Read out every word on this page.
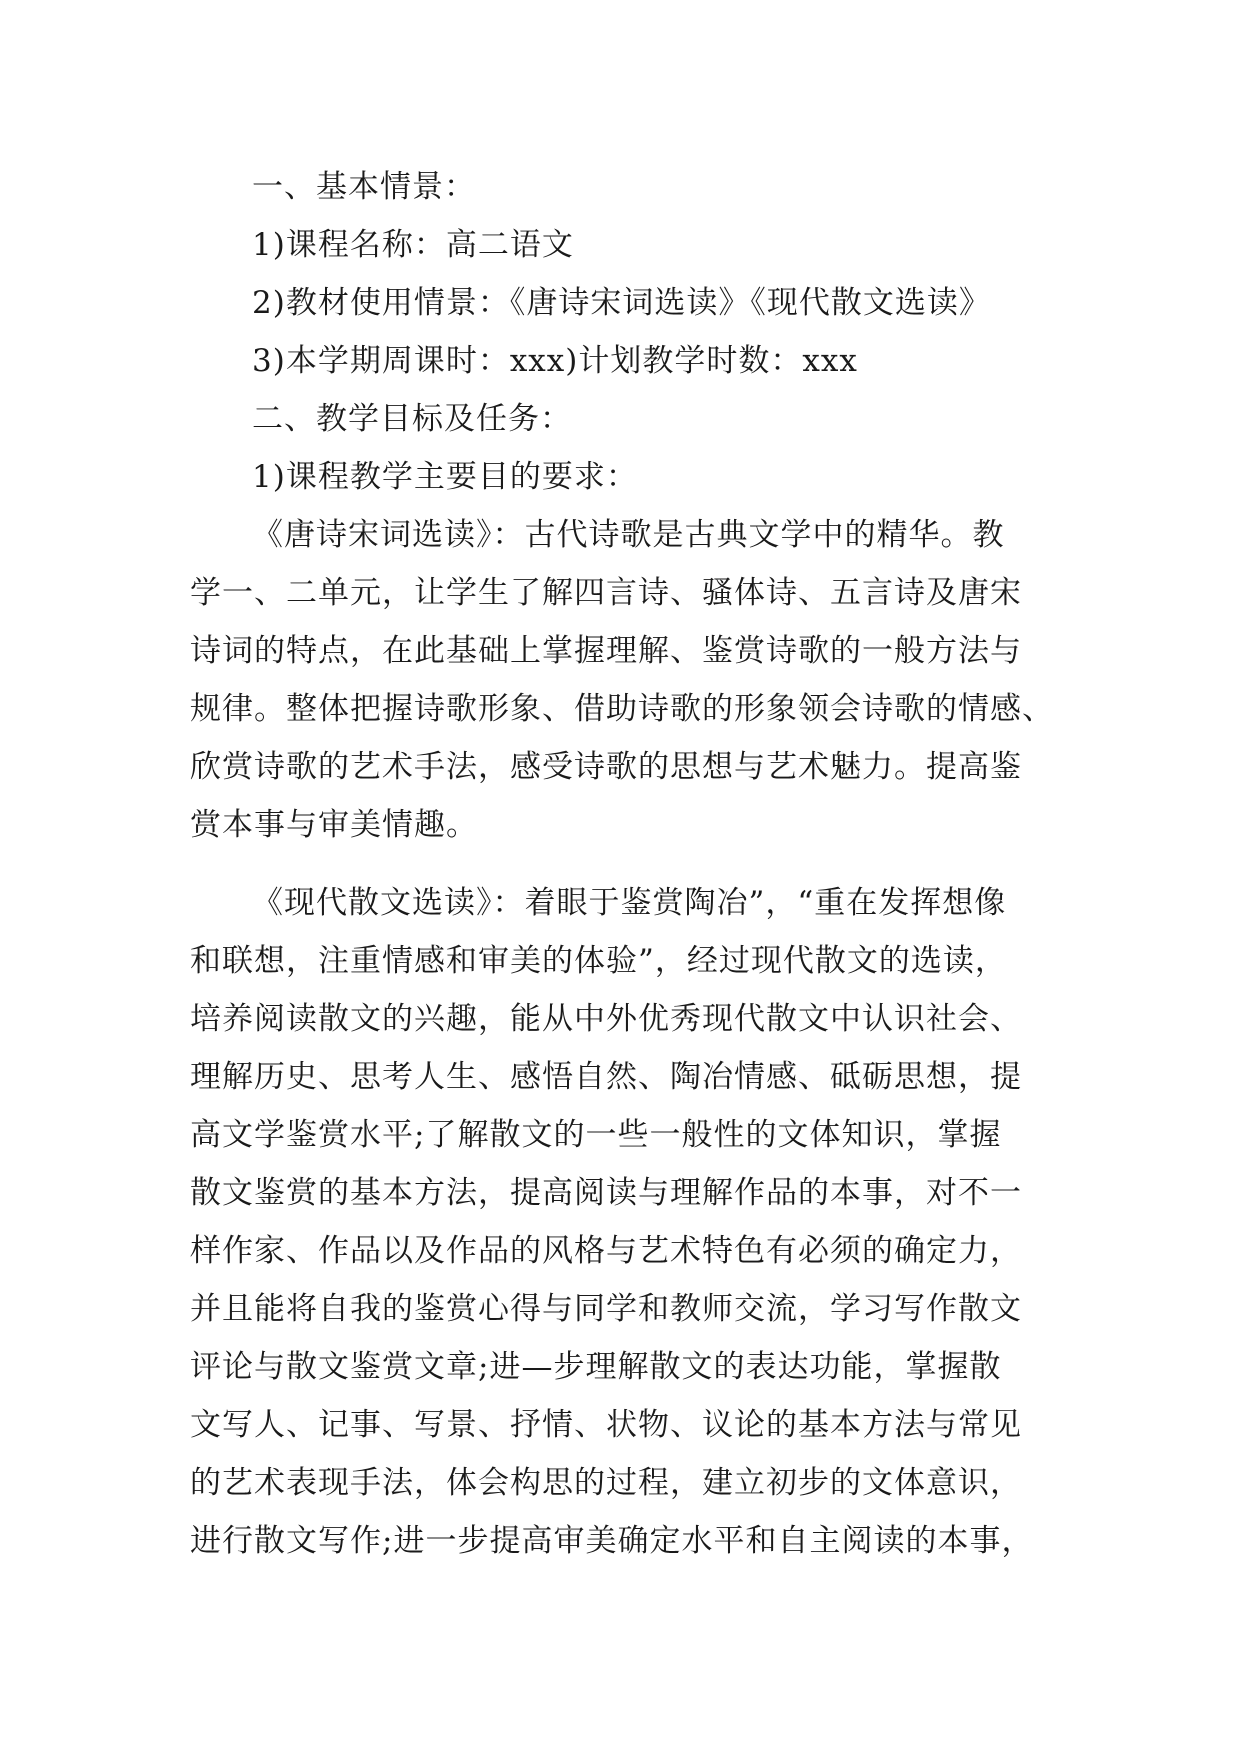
一、基本情景：
1)课程名称：高二语文
2)教材使用情景：《唐诗宋词选读》《现代散文选读》
3)本学期周课时：xxx)计划教学时数：xxx
二、教学目标及任务：
1)课程教学主要目的要求：
《唐诗宋词选读》：古代诗歌是古典文学中的精华。教
学一、二单元，让学生了解四言诗、骚体诗、五言诗及唐宋
诗词的特点，在此基础上掌握理解、鉴赏诗歌的一般方法与
规律。整体把握诗歌形象、借助诗歌的形象领会诗歌的情感、
欣赏诗歌的艺术手法，感受诗歌的思想与艺术魅力。提高鉴
赏本事与审美情趣。
《现代散文选读》：着眼于鉴赏陶冶”，“重在发挥想像
和联想，注重情感和审美的体验”，经过现代散文的选读，
培养阅读散文的兴趣，能从中外优秀现代散文中认识社会、
理解历史、思考人生、感悟自然、陶冶情感、砥砺思想，提
高文学鉴赏水平;了解散文的一些一般性的文体知识，掌握
散文鉴赏的基本方法，提高阅读与理解作品的本事，对不一
样作家、作品以及作品的风格与艺术特色有必须的确定力，
并且能将自我的鉴赏心得与同学和教师交流，学习写作散文
评论与散文鉴赏文章;进—步理解散文的表达功能，掌握散
文写人、记事、写景、抒情、状物、议论的基本方法与常见
的艺术表现手法，体会构思的过程，建立初步的文体意识，
进行散文写作;进一步提高审美确定水平和自主阅读的本事，
